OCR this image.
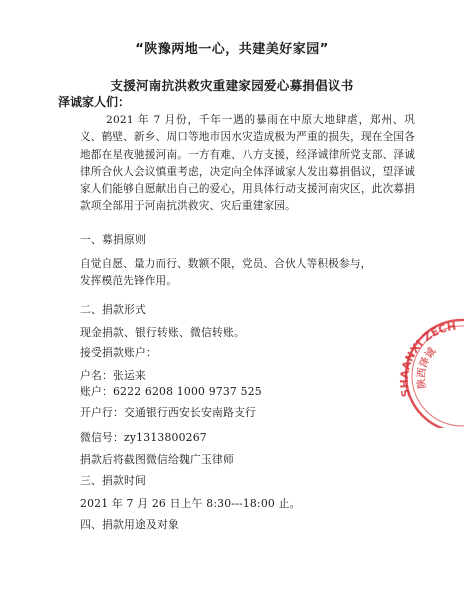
“陕豫两地一心，共建美好家园”
支援河南抗洪救灾重建家园爱心募捐倡议书
泽诚家人们：
2021 年 7 月份，千年一遇的暴雨在中原大地肆虐，郑州、巩义、鹤壁、新乡、周口等地市因水灾造成极为严重的损失，现在全国各地都在星夜驰援河南。一方有难、八方支援，经泽诚律所党支部、泽诚律所合伙人会议慎重考虑，决定向全体泽诚家人发出募捐倡议，望泽诚家人们能够自愿献出自己的爱心，用具体行动支援河南灾区，此次募捐款项全部用于河南抗洪救灾、灾后重建家园。
一、募捐原则
自觉自愿、量力而行、数额不限，党员、合伙人等积极参与，发挥模范先锋作用。
二、捐款形式
现金捐款、银行转账、微信转账。
接受捐款账户：
户名：张运来
账户：6222 6208 1000 9737 525
开户行：交通银行西安长安南路支行
微信号：zy1313800267
捐款后将截图微信给魏广玉律师
三、捐款时间
2021 年 7 月 26 日上午 8:30---18:00 止。
四、捐款用途及对象
SHAANXI ZECH
陕西泽诚
